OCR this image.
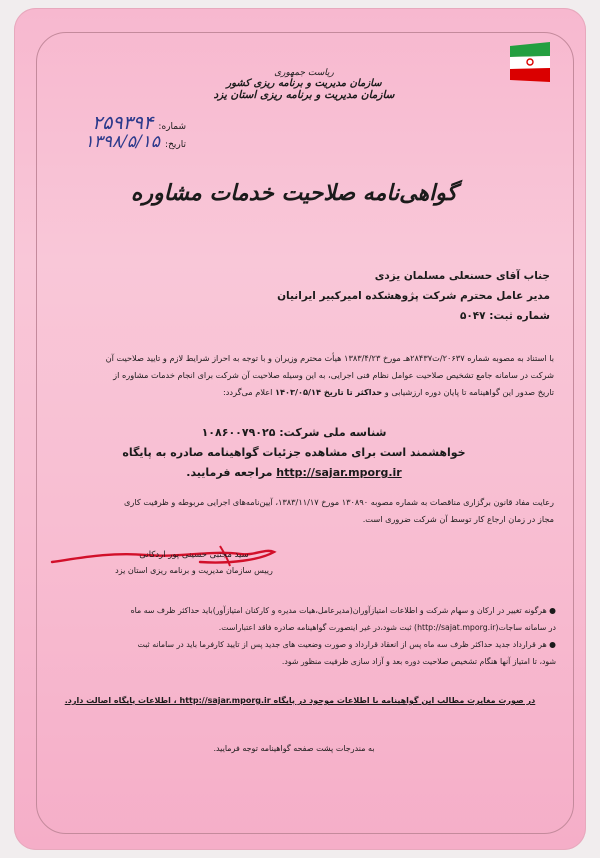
ریاست جمهوری
سازمان مدیریت و برنامه ریزی کشور
سازمان مدیریت و برنامه ریزی استان یزد
شماره: ۲۵۹۳۹۴
تاریخ: ۱۳۹۸/۵/۱۵
گواهی‌نامه صلاحیت خدمات مشاوره
جناب آقای حسنعلی مسلمان یزدی
مدیر عامل محترم شرکت پژوهشکده امیرکبیر ایرانیان
شماره ثبت: ۵۰۴۷
با استناد به مصوبه شماره ۲۰۶۳۷/ت۲۸۴۳۷هـ مورخ ۱۳۸۳/۴/۲۳ هیأت محترم وزیران و با توجه به احراز شرایط لازم و تایید صلاحیت آن
شرکت در سامانه جامع تشخیص صلاحیت عوامل نظام فنی اجرایی، به این وسیله صلاحیت آن شرکت برای انجام خدمات مشاوره از
تاریخ صدور این گواهینامه تا پایان دوره ارزشیابی و حداکثر تا تاریخ ۱۴۰۳/۰۵/۱۴ اعلام می‌گردد:
شناسه ملی شرکت: ۱۰۸۶۰۰۷۹۰۲۵
خواهشمند است برای مشاهده جزئیات گواهینامه صادره به پایگاه
http://sajar.mporg.ir مراجعه فرمایید.
رعایت مفاد قانون برگزاری مناقصات به شماره مصوبه ۱۳۰۸۹۰ مورخ ۱۳۸۳/۱۱/۱۷، آیین‌نامه‌های اجرایی مربوطه و ظرفیت کاری
مجاز در زمان ارجاع کار توسط آن شرکت ضروری است.
سید مجتبی حسینی پور اردکانی
رییس سازمان مدیریت و برنامه ریزی استان یزد
● هرگونه تغییر در ارکان و سهام شرکت و اطلاعات امتیازآوران(مدیرعامل،هیات مدیره و کارکنان امتیازآور)باید حداکثر ظرف سه ماه
در سامانه ساجات(http://sajat.mporg.ir) ثبت شود،در غیر اینصورت گواهینامه صادره فاقد اعتباراست.
● هر قرارداد جدید حداکثر ظرف سه ماه پس از انعقاد قرارداد و صورت وضعیت های جدید پس از تایید کارفرما باید در سامانه ثبت
شود، تا امتیاز آنها هنگام تشخیص صلاحیت دوره بعد و آزاد سازی ظرفیت منظور شود.
در صورت مغایرت مطالب این گواهینامه با اطلاعات موجود در پایگاه http://sajar.mporg.ir ، اطلاعات پایگاه اصالت دارد.
به مندرجات پشت صفحه گواهینامه توجه فرمایید.
